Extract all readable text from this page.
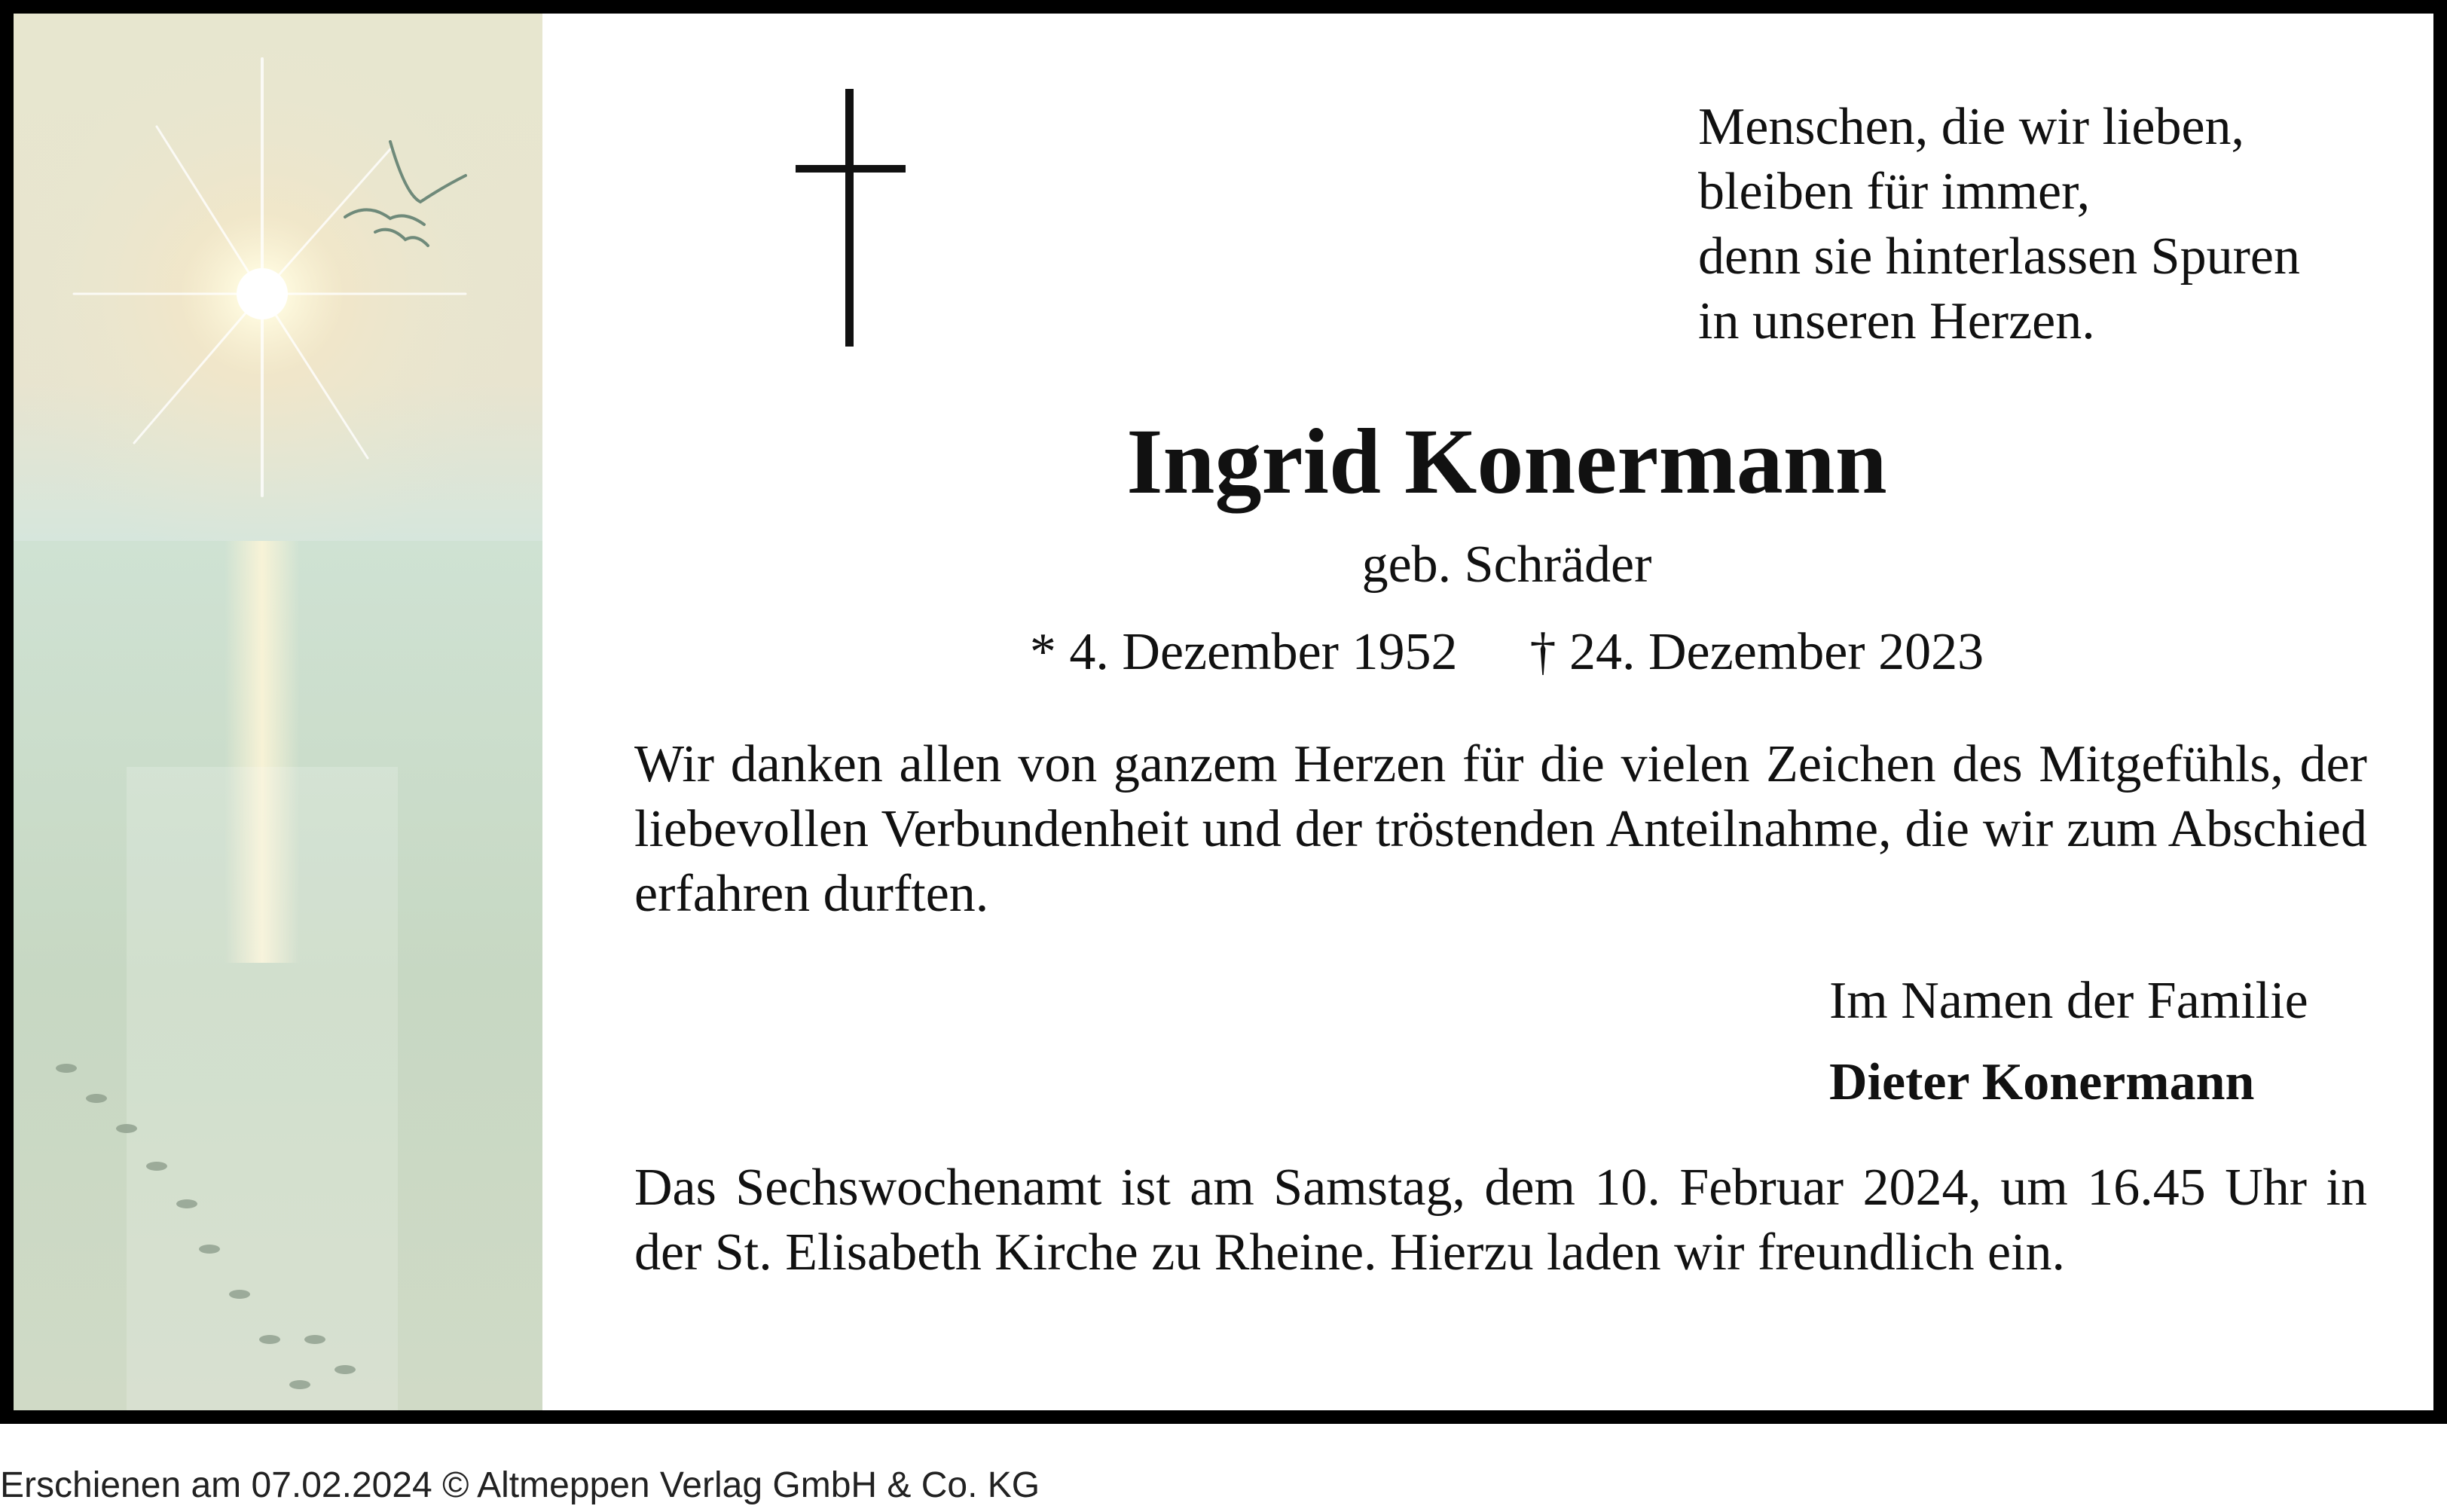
Menschen, die wir lieben,
bleiben für immer,
denn sie hinterlassen Spuren
in unseren Herzen.
Ingrid Konermann
geb. Schräder
* 4. Dezember 1952 † 24. Dezember 2023
Wir danken allen von ganzem Herzen für die vielen Zeichen des Mitgefühls, der liebevollen Verbundenheit und der tröstenden Anteilnahme, die wir zum Abschied erfahren durften.
Im Namen der Familie
Dieter Konermann
Das Sechswochenamt ist am Samstag, dem 10. Februar 2024, um 16.45 Uhr in der St. Elisabeth Kirche zu Rheine. Hierzu laden wir freundlich ein.
Erschienen am 07.02.2024 © Altmeppen Verlag GmbH & Co. KG
